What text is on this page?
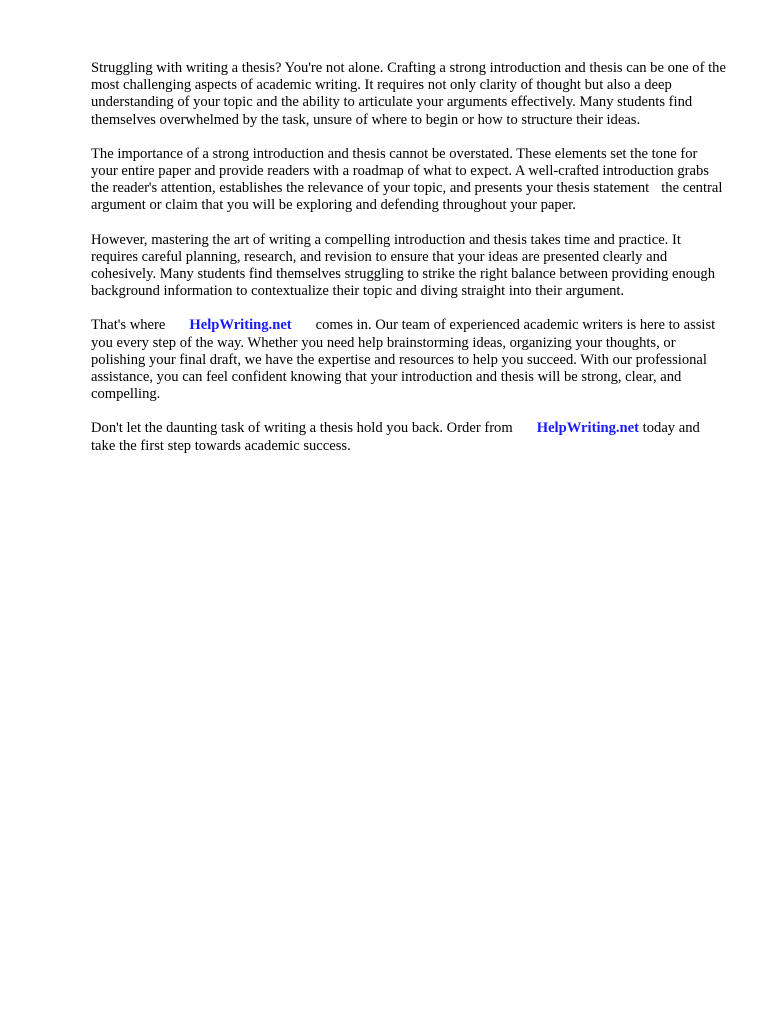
Struggling with writing a thesis? You're not alone. Crafting a strong introduction and thesis can be one of the most challenging aspects of academic writing. It requires not only clarity of thought but also a deep understanding of your topic and the ability to articulate your arguments effectively. Many students find themselves overwhelmed by the task, unsure of where to begin or how to structure their ideas.

The importance of a strong introduction and thesis cannot be overstated. These elements set the tone for your entire paper and provide readers with a roadmap of what to expect. A well-crafted introduction grabs the reader's attention, establishes the relevance of your topic, and presents your thesis statement the central argument or claim that you will be exploring and defending throughout your paper.

However, mastering the art of writing a compelling introduction and thesis takes time and practice. It requires careful planning, research, and revision to ensure that your ideas are presented clearly and cohesively. Many students find themselves struggling to strike the right balance between providing enough background information to contextualize their topic and diving straight into their argument.

That's where HelpWriting.net comes in. Our team of experienced academic writers is here to assist you every step of the way. Whether you need help brainstorming ideas, organizing your thoughts, or polishing your final draft, we have the expertise and resources to help you succeed. With our professional assistance, you can feel confident knowing that your introduction and thesis will be strong, clear, and compelling.

Don't let the daunting task of writing a thesis hold you back. Order from HelpWriting.net today and take the first step towards academic success.
